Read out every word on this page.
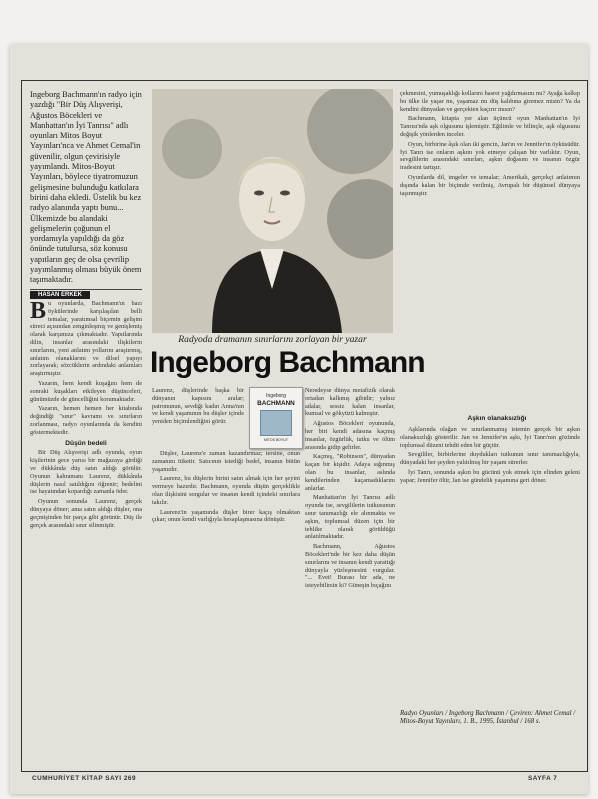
Ingeborg Bachmann'ın radyo için yazdığı "Bir Düş Alışverişi, Ağustos Böcekleri ve Manhattan'ın İyi Tanrısı" adlı oyunları Mitos Boyut Yayınları'nca ve Ahmet Cemal'in güvenilir, olgun çevirisiyle yayımlandı. Mitos-Boyut Yayınları, böylece tiyatromuzun gelişmesine bulunduğu katkılara birini daha ekledi. Üstelik bu kez radyo alanında yaptı bunu... Ülkemizde bu alandaki gelişmelerin çoğunun el yordamıyla yapıldığı da göz önünde tutulursa, söz konusu yapıtların geç de olsa çevrilip yayımlanmış olması büyük önem taşımaktadır.
HASAN ERKEK
Radyoda dramanın sınırlarını zorlayan bir yazar
Ingeborg Bachmann

Bu oyunlarda, Bachmann'ın bazı öykülerinde karşılaşılan belli temalar, yaratımsal biçemin gelişim süreci açısından zenginleşmiş ve genişlemiş olarak karşımıza çıkmaktadır. Yapıtlarında dilin, insanlar arasındaki ilişkilerin sınırlarını, yeni anlatım yollarını araştırmış, anlatım olanaklarını ve dilsel yapıyı zorlayarak; sözcüklerin ardındaki anlamları araştırmıştır.

Yazarın, hem kendi kuşağını hem de sonraki kuşakları etkileyen düşünceleri, günümüzde de güncelliğini korumaktadır.

Yazarın, hemen hemen her kitabında değindiği "sınır" kavramı ve sınırların zorlanması, radyo oyunlarında da kendini göstermektedir.

Düşün bedeli

Bir Düş Alışverişi adlı oyunda, oyun kişilerinin gece yarısı bir mağazaya girdiği ve dükkânda düş satın aldığı görülür. Oyunun kahramanı Laurenz, dükkânda düşlerin nasıl satıldığını öğrenir; bedelini ise hayatından kopardığı zamanla öder.

Oyunun sonunda Laurenz, gerçek dünyaya döner; ama satın aldığı düşler, ona geçmişinden bir parça gibi görünür. Düş ile gerçek arasındaki sınır silinmiştir.

Ingeborg
BACHMANN
MİTOS BOYUT

Laurenz, düşlerinde başka bir dünyanın kapısını aralar; patronunun, sevdiği kadın Anna'nın ve kendi yaşamının bu düşler içinde yeniden biçimlendiğini görür.

Düşler, Laurenz'e zaman kazandırmaz; tersine, onun zamanını tüketir. Satıcının istediği bedel, insanın bütün yaşamıdır.

Laurenz, bu düşlerin birini satın almak için her şeyini vermeye hazırdır. Bachmann, oyunda düşün gerçeklikle olan ilişkisini sorgular ve insanın kendi içindeki sınırlara takılır.

Laurenz'in yaşamında düşler birer kaçış olmaktan çıkar; onun kendi varlığıyla hesaplaşmasına dönüşür.

Neredeyse dünya metafizik olarak ortadan kalkmış gibidir; yalnız adalar, sessiz kalan insanlar, kumsal ve gökyüzü kalmıştır.

Ağustos Böcekleri oyununda, her biri kendi adasına kaçmış insanlar, özgürlük, tutku ve ölüm arasında gidip gelirler.

Kaçmış, "Robinson", dünyadan kaçan bir kişidir. Adaya sığınmış olan bu insanlar, aslında kendilerinden kaçamadıklarını anlarlar.

Manhattan'ın İyi Tanrısı adlı oyunda ise, sevgililerin tutkusunun sınır tanımazlığı ele alınmakta ve aşkın, toplumsal düzen için bir tehlike olarak görüldüğü anlatılmaktadır.

Bachmann, Ağustos Böcekleri'nde bir kez daha düşün sınırlarını ve insanın kendi yarattığı dünyayla yüzleşmesini vurgular. "... Evet! Burası bir ada, ne isteyebilirsin ki? Güneşin bıçağını

çekmesini, yumuşaklığı kollarını hasret yağdırmasını mı? Ayağa kalkıp bu ülke ile yaşar mı, yaşamaz mı düş kalıbına giremez misin? Ya da kendini dünyadan ve gerçekten kaçırır mısın?

Bachmann, kitapta yer alan üçüncü oyun Manhattan'ın İyi Tanrısı'nda aşk olgusunu işlemiştir. Eğilimle ve bilinçle, aşk olgusunu değişik yönlerden inceler.

Oyun, birbirine âşık olan iki gencin, Jan'ın ve Jennifer'ın öyküsüdür. İyi Tanrı ise onların aşkını yok etmeye çalışan bir varlıktır. Oyun, sevgililerin arasındaki sınırları, aşkın doğasını ve insanın özgür iradesini tartışır.

Oyunlarda dil, imgeler ve temalar; Amerikalı, gerçekçi anlatımın dışında kalan bir biçimde verilmiş, Avrupalı bir düşünsel dünyaya taşınmıştır.

Aşkın olanaksızlığı

Aşklarında olağan ve sınırlanmamış istemin gerçek bir aşkın olanaksızlığı gösterilir. Jan ve Jennifer'ın aşkı, İyi Tanrı'nın gözünde toplumsal düzeni tehdit eden bir güçtür.

Sevgililer, birbirlerine duydukları tutkunun sınır tanımazlığıyla, dünyadaki her şeyden yalıtılmış bir yaşam sürerler.

İyi Tanrı, sonunda aşkın bu gücünü yok etmek için elinden geleni yapar; Jennifer ölür, Jan ise gündelik yaşamına geri döner.

Radyo Oyunları / Ingeborg Bachmann / Çeviren: Ahmet Cemal / Mitos-Boyut Yayınları, 1. B., 1995, İstanbul / 168 s.
CUMHURİYET KİTAP SAYI 269	SAYFA 7
